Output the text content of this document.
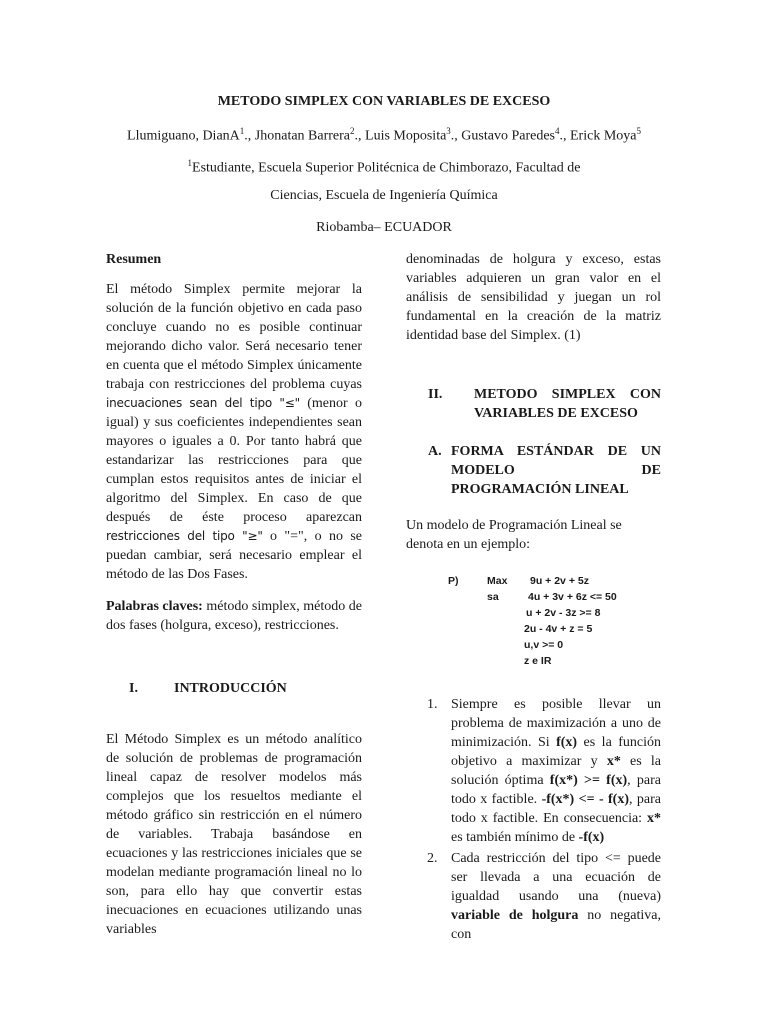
METODO SIMPLEX CON VARIABLES DE EXCESO
Llumiguano, DianA$^1$., Jhonatan Barrera$^2$., Luis Moposita$^3$., Gustavo Paredes$^4$., Erick Moya$^5$
$^1$Estudiante, Escuela Superior Politécnica de Chimborazo, Facultad de
Ciencias, Escuela de Ingeniería Química
Riobamba– ECUADOR
Resumen

El método Simplex permite mejorar la solución de la función objetivo en cada paso concluye cuando no es posible continuar mejorando dicho valor. Será necesario tener en cuenta que el método Simplex únicamente trabaja con restricciones del problema cuyas inecuaciones sean del tipo "≤" (menor o igual) y sus coeficientes independientes sean mayores o iguales a 0. Por tanto habrá que estandarizar las restricciones para que cumplan estos requisitos antes de iniciar el algoritmo del Simplex. En caso de que después de éste proceso aparezcan restricciones del tipo "≥" o "=", o no se puedan cambiar, será necesario emplear el método de las Dos Fases.

Palabras claves: método simplex, método de dos fases (holgura, exceso), restricciones.

I.	INTRODUCCIÓN

El Método Simplex es un método analítico de solución de problemas de programación lineal capaz de resolver modelos más complejos que los resueltos mediante el método gráfico sin restricción en el número de variables. Trabaja basándose en ecuaciones y las restricciones iniciales que se modelan mediante programación lineal no lo son, para ello hay que convertir estas inecuaciones en ecuaciones utilizando unas variables

denominadas de holgura y exceso, estas variables adquieren un gran valor en el análisis de sensibilidad y juegan un rol fundamental en la creación de la matriz identidad base del Simplex. (1)

II. METODO SIMPLEX CON VARIABLES DE EXCESO
A. FORMA ESTÁNDAR DE UN MODELO DE PROGRAMACIÓN LINEAL

Un modelo de Programación Lineal se denota en un ejemplo:

P)	Max 9u + 2v + 5z
sa	4u + 3v + 6z <= 50
u + 2v - 3z >= 8
2u - 4v + z = 5
u,v >= 0
z e IR
1. Siempre es posible llevar un problema de maximización a uno de minimización. Si f(x) es la función objetivo a maximizar y x* es la solución óptima f(x*) >= f(x), para todo x factible. -f(x*) <= - f(x), para todo x factible. En consecuencia: x* es también mínimo de -f(x)
2. Cada restricción del tipo <= puede ser llevada a una ecuación de igualdad usando una (nueva) variable de holgura no negativa, con
